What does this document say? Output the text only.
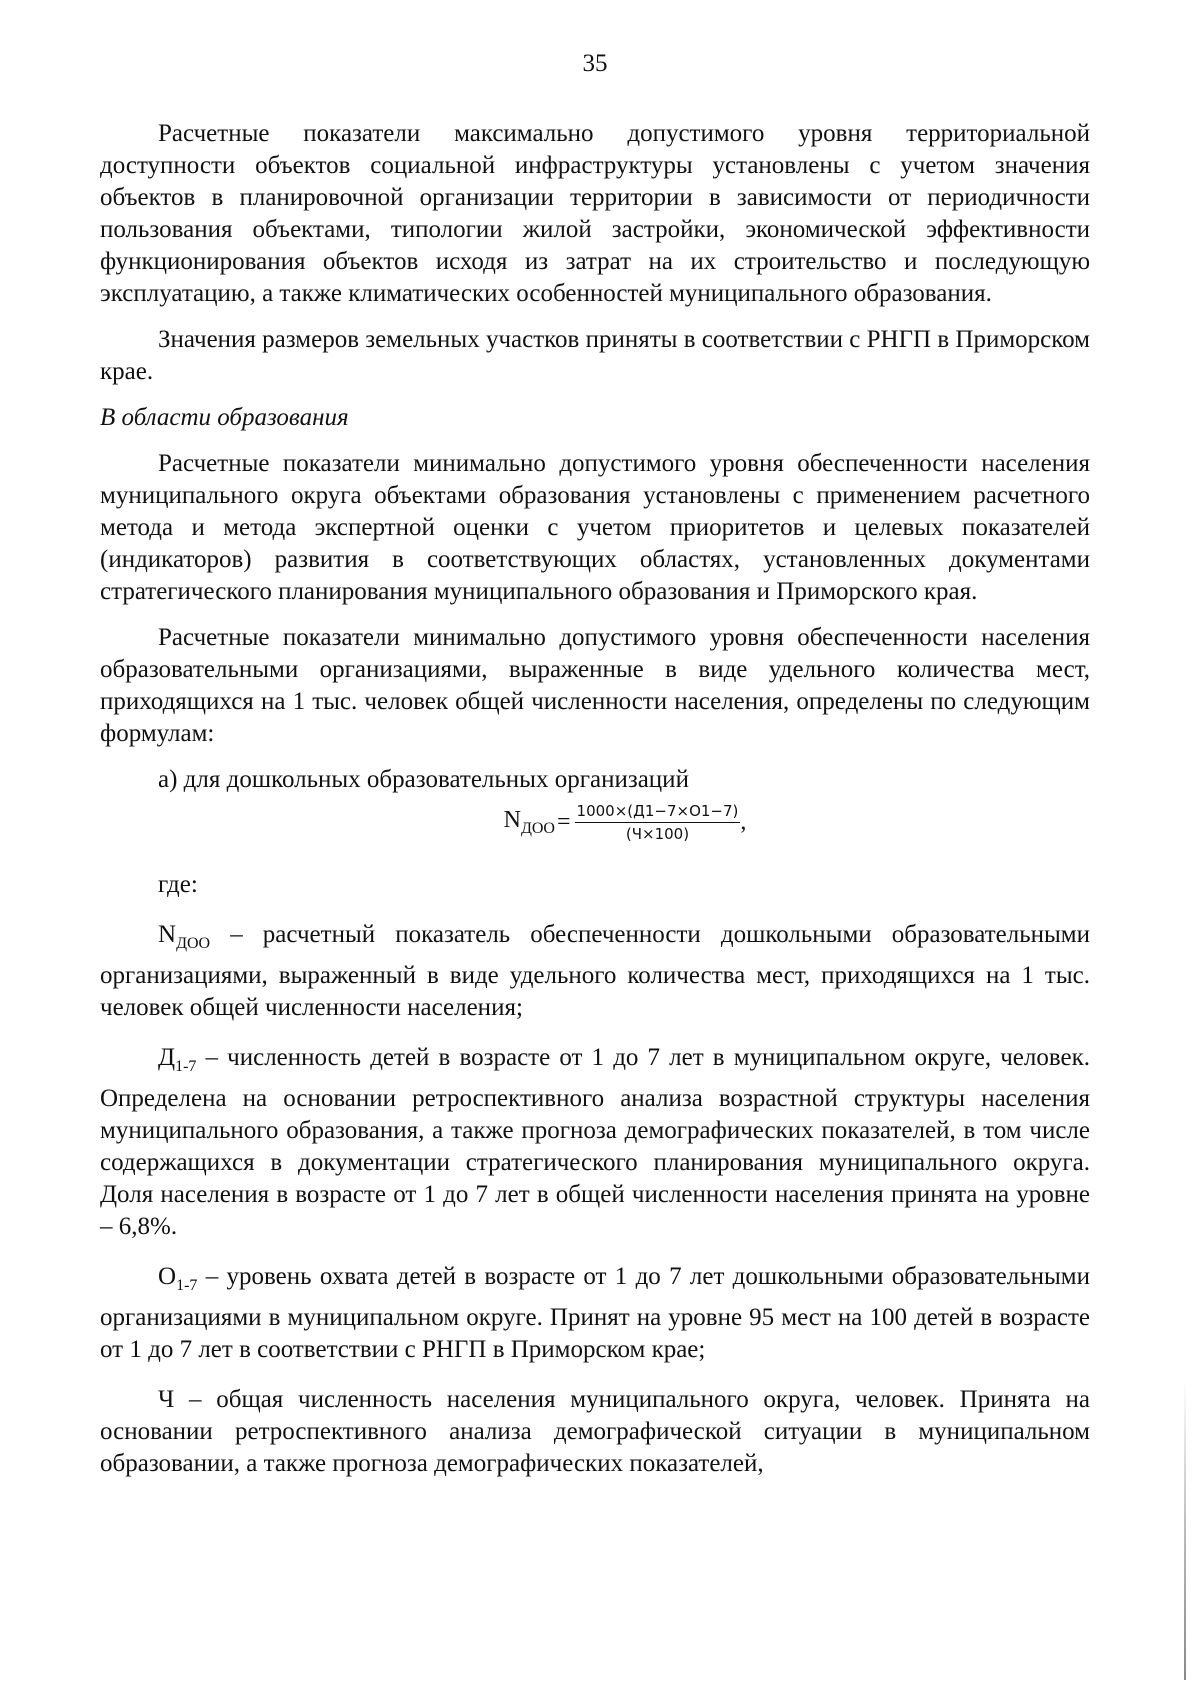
35

Расчетные показатели максимально допустимого уровня территориальной доступности объектов социальной инфраструктуры установлены с учетом значения объектов в планировочной организации территории в зависимости от периодичности пользования объектами, типологии жилой застройки, экономической эффективности функционирования объектов исходя из затрат на их строительство и последующую эксплуатацию, а также климатических особенностей муниципального образования.

Значения размеров земельных участков приняты в соответствии с РНГП в Приморском крае.

В области образования

Расчетные показатели минимально допустимого уровня обеспеченности населения муниципального округа объектами образования установлены с применением расчетного метода и метода экспертной оценки с учетом приоритетов и целевых показателей (индикаторов) развития в соответствующих областях, установленных документами стратегического планирования муниципального образования и Приморского края.

Расчетные показатели минимально допустимого уровня обеспеченности населения образовательными организациями, выраженные в виде удельного количества мест, приходящихся на 1 тыс. человек общей численности населения, определены по следующим формулам:

а) для дошкольных образовательных организаций
$N_{ДОО} = \frac{1000\times(Д1-7\times О1-7)}{(Ч\times 100)}$ ,
где:

$N_{ДОО}$ – расчетный показатель обеспеченности дошкольными образовательными организациями, выраженный в виде удельного количества мест, приходящихся на 1 тыс. человек общей численности населения;

$Д_{1-7}$ – численность детей в возрасте от 1 до 7 лет в муниципальном округе, человек. Определена на основании ретроспективного анализа возрастной структуры населения муниципального образования, а также прогноза демографических показателей, в том числе содержащихся в документации стратегического планирования муниципального округа. Доля населения в возрасте от 1 до 7 лет в общей численности населения принята на уровне – 6,8%.

$О_{1-7}$ – уровень охвата детей в возрасте от 1 до 7 лет дошкольными образовательными организациями в муниципальном округе. Принят на уровне 95 мест на 100 детей в возрасте от 1 до 7 лет в соответствии с РНГП в Приморском крае;

Ч – общая численность населения муниципального округа, человек. Принята на основании ретроспективного анализа демографической ситуации в муниципальном образовании, а также прогноза демографических показателей,
